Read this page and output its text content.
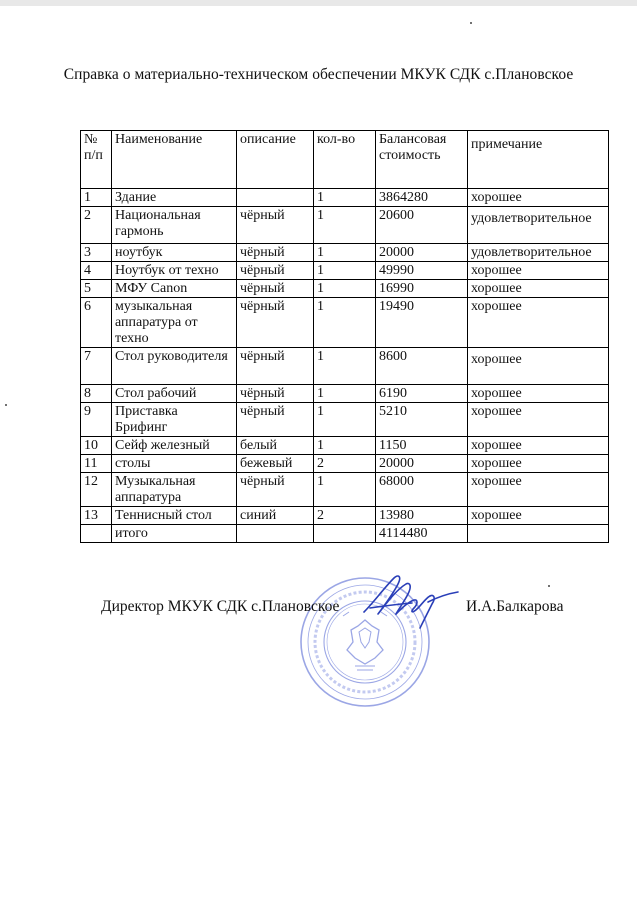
Справка о материально-техническом обеспечении МКУК СДК с.Плановское
№ п/п	Наименование	описание	кол-во	Балансовая стоимость	примечание
1	Здание		1	3864280	хорошее
2	Национальная гармонь	чёрный	1	20600	удовлетворительное
3	ноутбук	чёрный	1	20000	удовлетворительное
4	Ноутбук от техно	чёрный	1	49990	хорошее
5	МФУ Canon	чёрный	1	16990	хорошее
6	музыкальная аппаратура от техно	чёрный	1	19490	хорошее
7	Стол руководителя	чёрный	1	8600	хорошее
8	Стол рабочий	чёрный	1	6190	хорошее
9	Приставка Брифинг	чёрный	1	5210	хорошее
10	Сейф железный	белый	1	1150	хорошее
11	столы	бежевый	2	20000	хорошее
12	Музыкальная аппаратура	чёрный	1	68000	хорошее
13	Теннисный стол	синий	2	13980	хорошее
	итого			4114480	
Директор МКУК СДК с.Плановское	И.А.Балкарова
